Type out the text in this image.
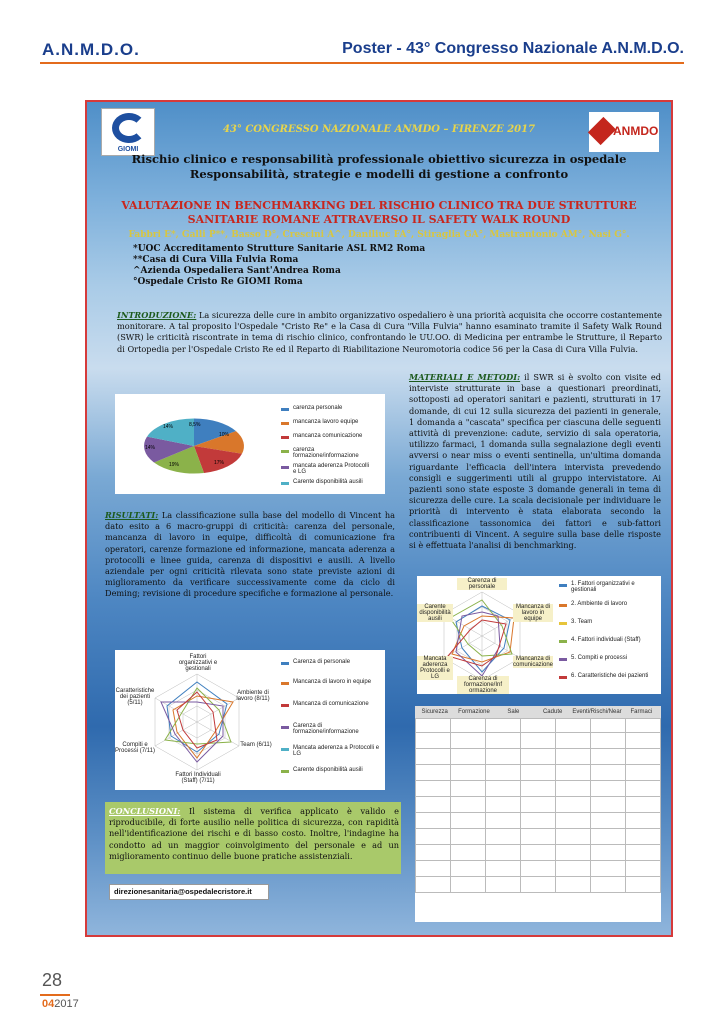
A.N.M.D.O.	Poster - 43° Congresso Nazionale A.N.M.D.O.
GIOMI
ANMDO
43° CONGRESSO NAZIONALE ANMDO – FIRENZE 2017
Rischio clinico e responsabilità professionale obiettivo sicurezza in ospedale
Responsabilità, strategie e modelli di gestione a confronto
VALUTAZIONE IN BENCHMARKING DEL RISCHIO CLINICO TRA DUE STRUTTURE
SANITARIE ROMANE ATTRAVERSO IL SAFETY WALK ROUND
Fabbri E*, Galli P**, Basso D°, Crescini A^, Daniliuc FA°, Stiraglia GA°, Mastrantonio AM°, Nasi G°.
*UOC Accreditamento Strutture Sanitarie ASL RM2 Roma
**Casa di Cura Villa Fulvia Roma
^Azienda Ospedaliera Sant'Andrea Roma
°Ospedale Cristo Re GIOMI Roma
INTRODUZIONE: La sicurezza delle cure in ambito organizzativo ospedaliero è una priorità acquisita che occorre costantemente monitorare. A tal proposito l'Ospedale "Cristo Re" e la Casa di Cura "Villa Fulvia" hanno esaminato tramite il Safety Walk Round (SWR) le criticità riscontrate in tema di rischio clinico, confrontando le UU.OO. di Medicina per entrambe le Strutture, il Reparto di Ortopedia per l'Ospedale Cristo Re ed il Reparto di Riabilitazione Neuromotoria codice 56 per la Casa di Cura Villa Fulvia.
8,5%
10%
17%
19%
14%
14%
carenza personale
mancanza lavoro equipe
mancanza comunicazione
carenza formazione/informazione
mancata aderenza Protocolli e LG
Carente disponibilità ausili
MATERIALI E METODI: il SWR si è svolto con visite ed interviste strutturate in base a questionari preordinati, sottoposti ad operatori sanitari e pazienti, strutturati in 17 domande, di cui 12 sulla sicurezza dei pazienti in generale, 1 domanda a "cascata" specifica per ciascuna delle seguenti attività di prevenzione: cadute, servizio di sala operatoria, utilizzo farmaci, 1 domanda sulla segnalazione degli eventi avversi o near miss o eventi sentinella, un'ultima domanda riguardante l'efficacia dell'intera intervista prevedendo consigli e suggerimenti utili al gruppo intervistatore. Ai pazienti sono state esposte 3 domande generali in tema di sicurezza delle cure. La scala decisionale per individuare le priorità di intervento è stata elaborata secondo la classificazione tassonomica dei fattori e sub-fattori contribuenti di Vincent. A seguire sulla base delle risposte si è effettuata l'analisi di benchmarking.
RISULTATI: La classificazione sulla base del modello di Vincent ha dato esito a 6 macro-gruppi di criticità: carenza del personale, mancanza di lavoro in equipe, difficoltà di comunicazione fra operatori, carenze formazione ed informazione, mancata aderenza a protocolli e linee guida, carenza di dispositivi e ausili. A livello aziendale per ogni criticità rilevata sono state previste azioni di miglioramento da verificare successivamente come da ciclo di Deming; revisione di procedure specifiche e formazione al personale.
Carenza di personale
Mancanza di lavoro in equipe
Mancanza di comunicazione
Carenza di formazione/Inf ormazione
Mancata aderenza Protocolli e LG
Carente disponibilità ausili
1. Fattori organizzativi e gestionali
2. Ambiente di lavoro
3. Team
4. Fattori individuali (Staff)
5. Compiti e processi
6. Caratteristiche dei pazienti
Fattori organizzativi e gestionali
Ambiente di lavoro (8/11)
Team (6/11)
Fattori Individuali (Staff) (7/11)
Compiti e Processi (7/11)
Caratteristiche dei pazienti (5/11)
Carenza di personale
Mancanza di lavoro in equipe
Mancanza di comunicazione
Carenza di formazione/informazione
Mancata aderenza a Protocolli e LG
Carente disponibilità ausili
Sicurezza	Formazione	Sale	Cadute	Eventi/Rischi/Near	Farmaci

CONCLUSIONI: Il sistema di verifica applicato è valido e riproducibile, di forte ausilio nelle politica di sicurezza, con rapidità nell'identificazione dei rischi e di basso costo. Inoltre, l'indagine ha condotto ad un maggior coinvolgimento del personale e ad un miglioramento continuo delle buone pratiche assistenziali.
direzionesanitaria@ospedalecristore.it
28
042017
